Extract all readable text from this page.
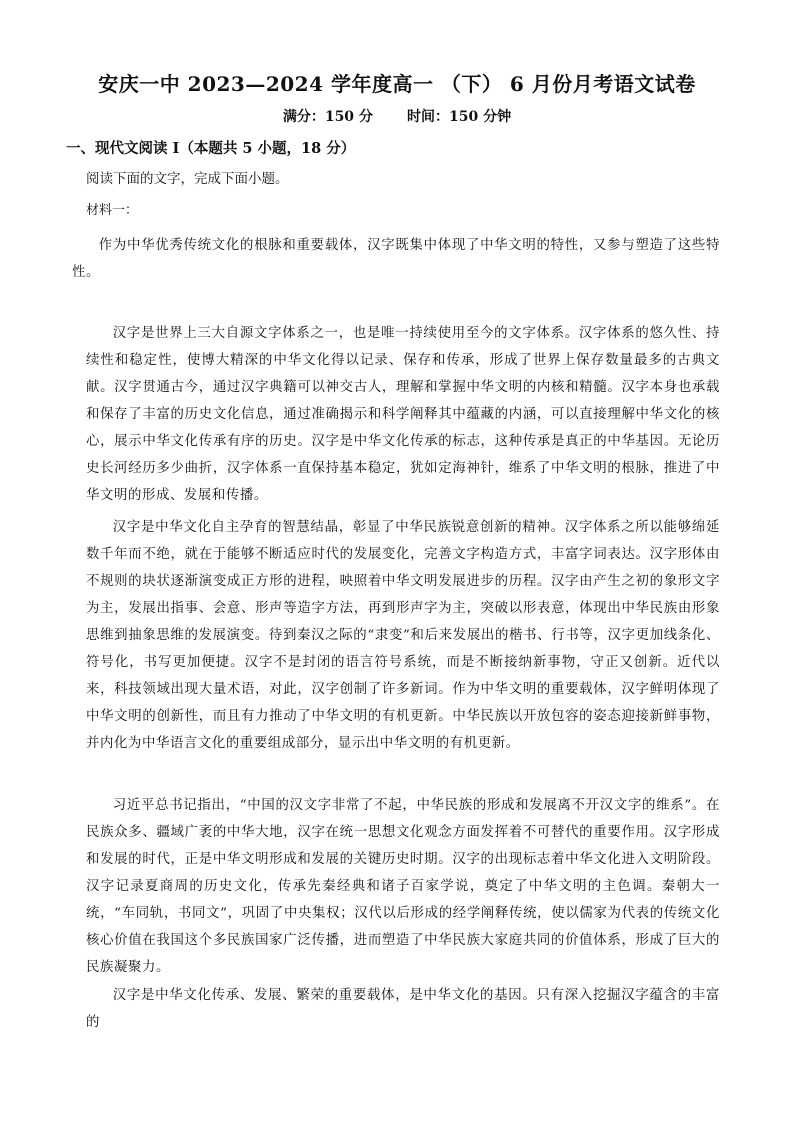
安庆一中 2023—2024 学年度高一 （下） 6 月份月考语文试卷
满分：150 分       时间：150 分钟
一、现代文阅读 Ⅰ（本题共 5 小题，18 分）
阅读下面的文字，完成下面小题。
材料一：

作为中华优秀传统文化的根脉和重要载体，汉字既集中体现了中华文明的特性，又参与塑造了这些特性。

汉字是世界上三大自源文字体系之一，也是唯一持续使用至今的文字体系。汉字体系的悠久性、持续性和稳定性，使博大精深的中华文化得以记录、保存和传承，形成了世界上保存数量最多的古典文献。汉字贯通古今，通过汉字典籍可以神交古人，理解和掌握中华文明的内核和精髓。汉字本身也承载和保存了丰富的历史文化信息，通过准确揭示和科学阐释其中蕴藏的内涵，可以直接理解中华文化的核心，展示中华文化传承有序的历史。汉字是中华文化传承的标志，这种传承是真正的中华基因。无论历史长河经历多少曲折，汉字体系一直保持基本稳定，犹如定海神针，维系了中华文明的根脉，推进了中华文明的形成、发展和传播。

汉字是中华文化自主孕育的智慧结晶，彰显了中华民族锐意创新的精神。汉字体系之所以能够绵延数千年而不绝，就在于能够不断适应时代的发展变化，完善文字构造方式，丰富字词表达。汉字形体由不规则的块状逐渐演变成正方形的进程，映照着中华文明发展进步的历程。汉字由产生之初的象形文字为主，发展出指事、会意、形声等造字方法，再到形声字为主，突破以形表意，体现出中华民族由形象思维到抽象思维的发展演变。待到秦汉之际的“隶变”和后来发展出的楷书、行书等，汉字更加线条化、符号化，书写更加便捷。汉字不是封闭的语言符号系统，而是不断接纳新事物，守正又创新。近代以来，科技领域出现大量术语，对此，汉字创制了许多新词。作为中华文明的重要载体，汉字鲜明体现了中华文明的创新性，而且有力推动了中华文明的有机更新。中华民族以开放包容的姿态迎接新鲜事物，并内化为中华语言文化的重要组成部分，显示出中华文明的有机更新。

习近平总书记指出，“中国的汉文字非常了不起，中华民族的形成和发展离不开汉文字的维系”。在民族众多、疆域广袤的中华大地，汉字在统一思想文化观念方面发挥着不可替代的重要作用。汉字形成和发展的时代，正是中华文明形成和发展的关键历史时期。汉字的出现标志着中华文化进入文明阶段。汉字记录夏商周的历史文化，传承先秦经典和诸子百家学说，奠定了中华文明的主色调。秦朝大一统，“车同轨，书同文”，巩固了中央集权；汉代以后形成的经学阐释传统，使以儒家为代表的传统文化核心价值在我国这个多民族国家广泛传播，进而塑造了中华民族大家庭共同的价值体系，形成了巨大的民族凝聚力。

汉字是中华文化传承、发展、繁荣的重要载体，是中华文化的基因。只有深入挖掘汉字蕴含的丰富的
